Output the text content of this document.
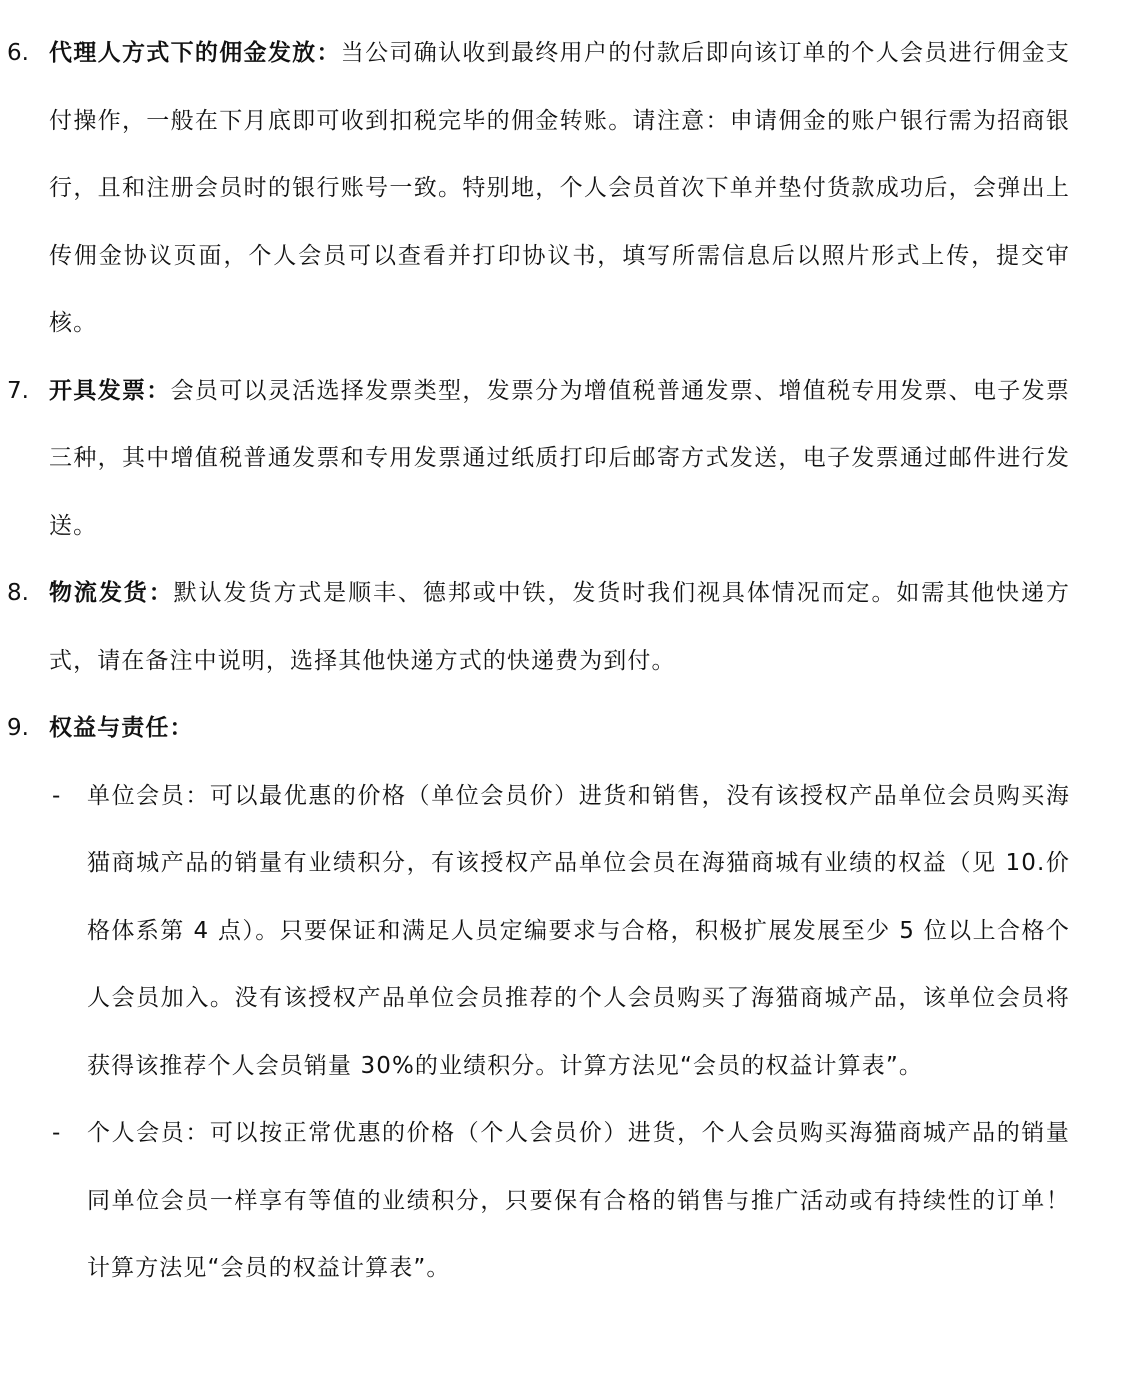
6. 代理人方式下的佣金发放：当公司确认收到最终用户的付款后即向该订单的个人会员进行佣金支付操作，一般在下月底即可收到扣税完毕的佣金转账。请注意：申请佣金的账户银行需为招商银行，且和注册会员时的银行账号一致。特别地，个人会员首次下单并垫付货款成功后，会弹出上传佣金协议页面，个人会员可以查看并打印协议书，填写所需信息后以照片形式上传，提交审核。
7. 开具发票：会员可以灵活选择发票类型，发票分为增值税普通发票、增值税专用发票、电子发票三种，其中增值税普通发票和专用发票通过纸质打印后邮寄方式发送，电子发票通过邮件进行发送。
8. 物流发货：默认发货方式是顺丰、德邦或中铁，发货时我们视具体情况而定。如需其他快递方式，请在备注中说明，选择其他快递方式的快递费为到付。
9. 权益与责任：
- 单位会员：可以最优惠的价格（单位会员价）进货和销售，没有该授权产品单位会员购买海猫商城产品的销量有业绩积分，有该授权产品单位会员在海猫商城有业绩的权益（见 10.价格体系第 4 点）。只要保证和满足人员定编要求与合格，积极扩展发展至少 5 位以上合格个人会员加入。没有该授权产品单位会员推荐的个人会员购买了海猫商城产品，该单位会员将获得该推荐个人会员销量 30%的业绩积分。计算方法见“会员的权益计算表”。
- 个人会员：可以按正常优惠的价格（个人会员价）进货，个人会员购买海猫商城产品的销量同单位会员一样享有等值的业绩积分，只要保有合格的销售与推广活动或有持续性的订单！计算方法见“会员的权益计算表”。
